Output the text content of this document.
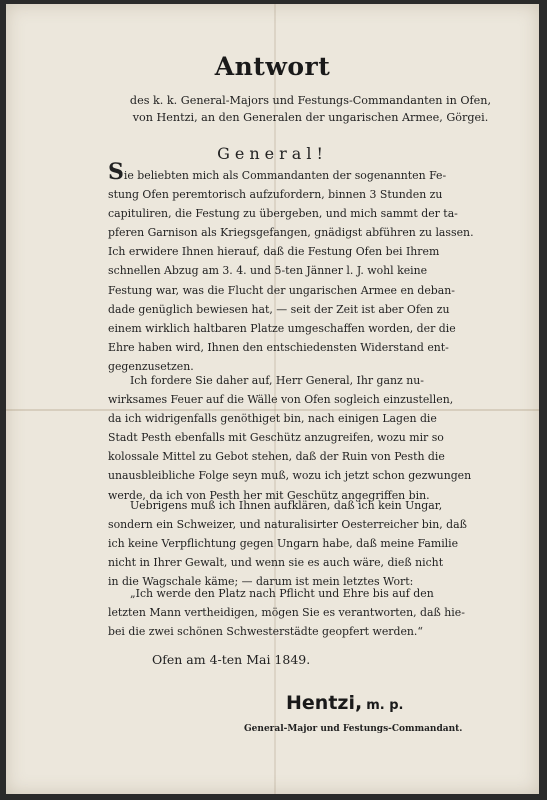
Antwort
des k. k. General-Majors und Festungs-Commandanten in Ofen,
von Hentzi, an den Generalen der ungarischen Armee, Görgei.
General!
Sie beliebten mich als Commandanten der sogenannten Fe-
stung Ofen peremtorisch aufzufordern, binnen 3 Stunden zu
capituliren, die Festung zu übergeben, und mich sammt der ta-
pferen Garnison als Kriegsgefangen, gnädigst abführen zu lassen.
Ich erwidere Ihnen hierauf, daß die Festung Ofen bei Ihrem
schnellen Abzug am 3. 4. und 5-ten Jänner l. J. wohl keine
Festung war, was die Flucht der ungarischen Armee en deban-
dade genüglich bewiesen hat, — seit der Zeit ist aber Ofen zu
einem wirklich haltbaren Platze umgeschaffen worden, der die
Ehre haben wird, Ihnen den entschiedensten Widerstand ent-
gegenzusetzen.
Ich fordere Sie daher auf, Herr General, Ihr ganz nu-
wirksames Feuer auf die Wälle von Ofen sogleich einzustellen,
da ich widrigenfalls genöthiget bin, nach einigen Lagen die
Stadt Pesth ebenfalls mit Geschütz anzugreifen, wozu mir so
kolossale Mittel zu Gebot stehen, daß der Ruin von Pesth die
unausbleibliche Folge seyn muß, wozu ich jetzt schon gezwungen
werde, da ich von Pesth her mit Geschütz angegriffen bin.
Uebrigens muß ich Ihnen aufklären, daß ich kein Ungar,
sondern ein Schweizer, und naturalisirter Oesterreicher bin, daß
ich keine Verpflichtung gegen Ungarn habe, daß meine Familie
nicht in Ihrer Gewalt, und wenn sie es auch wäre, dieß nicht
in die Wagschale käme; — darum ist mein letztes Wort:
„Ich werde den Platz nach Pflicht und Ehre bis auf den
letzten Mann vertheidigen, mögen Sie es verantworten, daß hie-
bei die zwei schönen Schwesterstädte geopfert werden.“
Ofen am 4-ten Mai 1849.
Hentzi, m. p.
General-Major und Festungs-Commandant.
